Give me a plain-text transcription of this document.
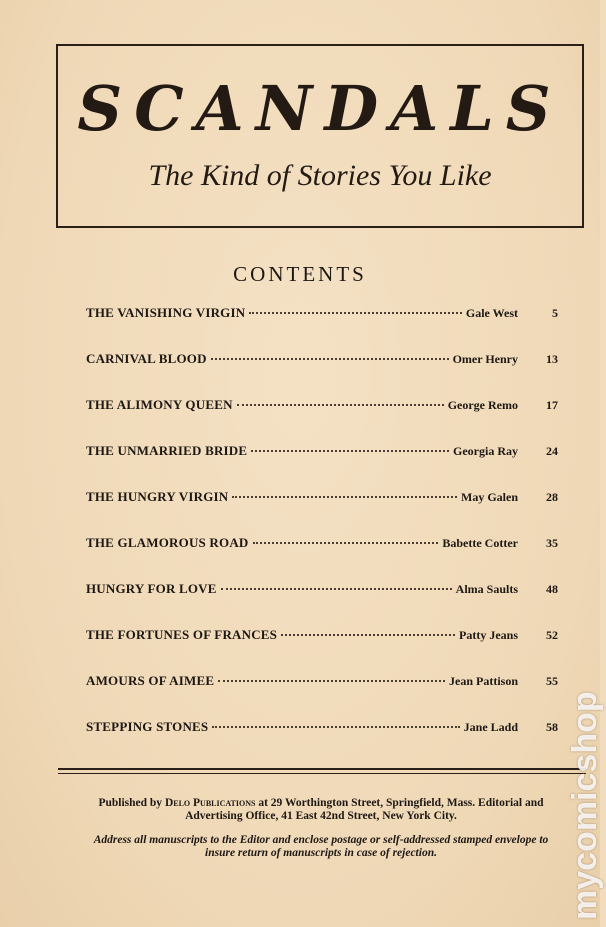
SCANDALS
The Kind of Stories You Like
CONTENTS
THE VANISHING VIRGIN	Gale West	5
CARNIVAL BLOOD	Omer Henry	13
THE ALIMONY QUEEN	George Remo	17
THE UNMARRIED BRIDE	Georgia Ray	24
THE HUNGRY VIRGIN	May Galen	28
THE GLAMOROUS ROAD	Babette Cotter	35
HUNGRY FOR LOVE	Alma Saults	48
THE FORTUNES OF FRANCES	Patty Jeans	52
AMOURS OF AIMEE	Jean Pattison	55
STEPPING STONES	Jane Ladd	58
Published by Delo Publications at 29 Worthington Street, Springfield, Mass. Editorial and Advertising Office, 41 East 42nd Street, New York City.
Address all manuscripts to the Editor and enclose postage or self-addressed stamped envelope to insure return of manuscripts in case of rejection.	mycomicshop
